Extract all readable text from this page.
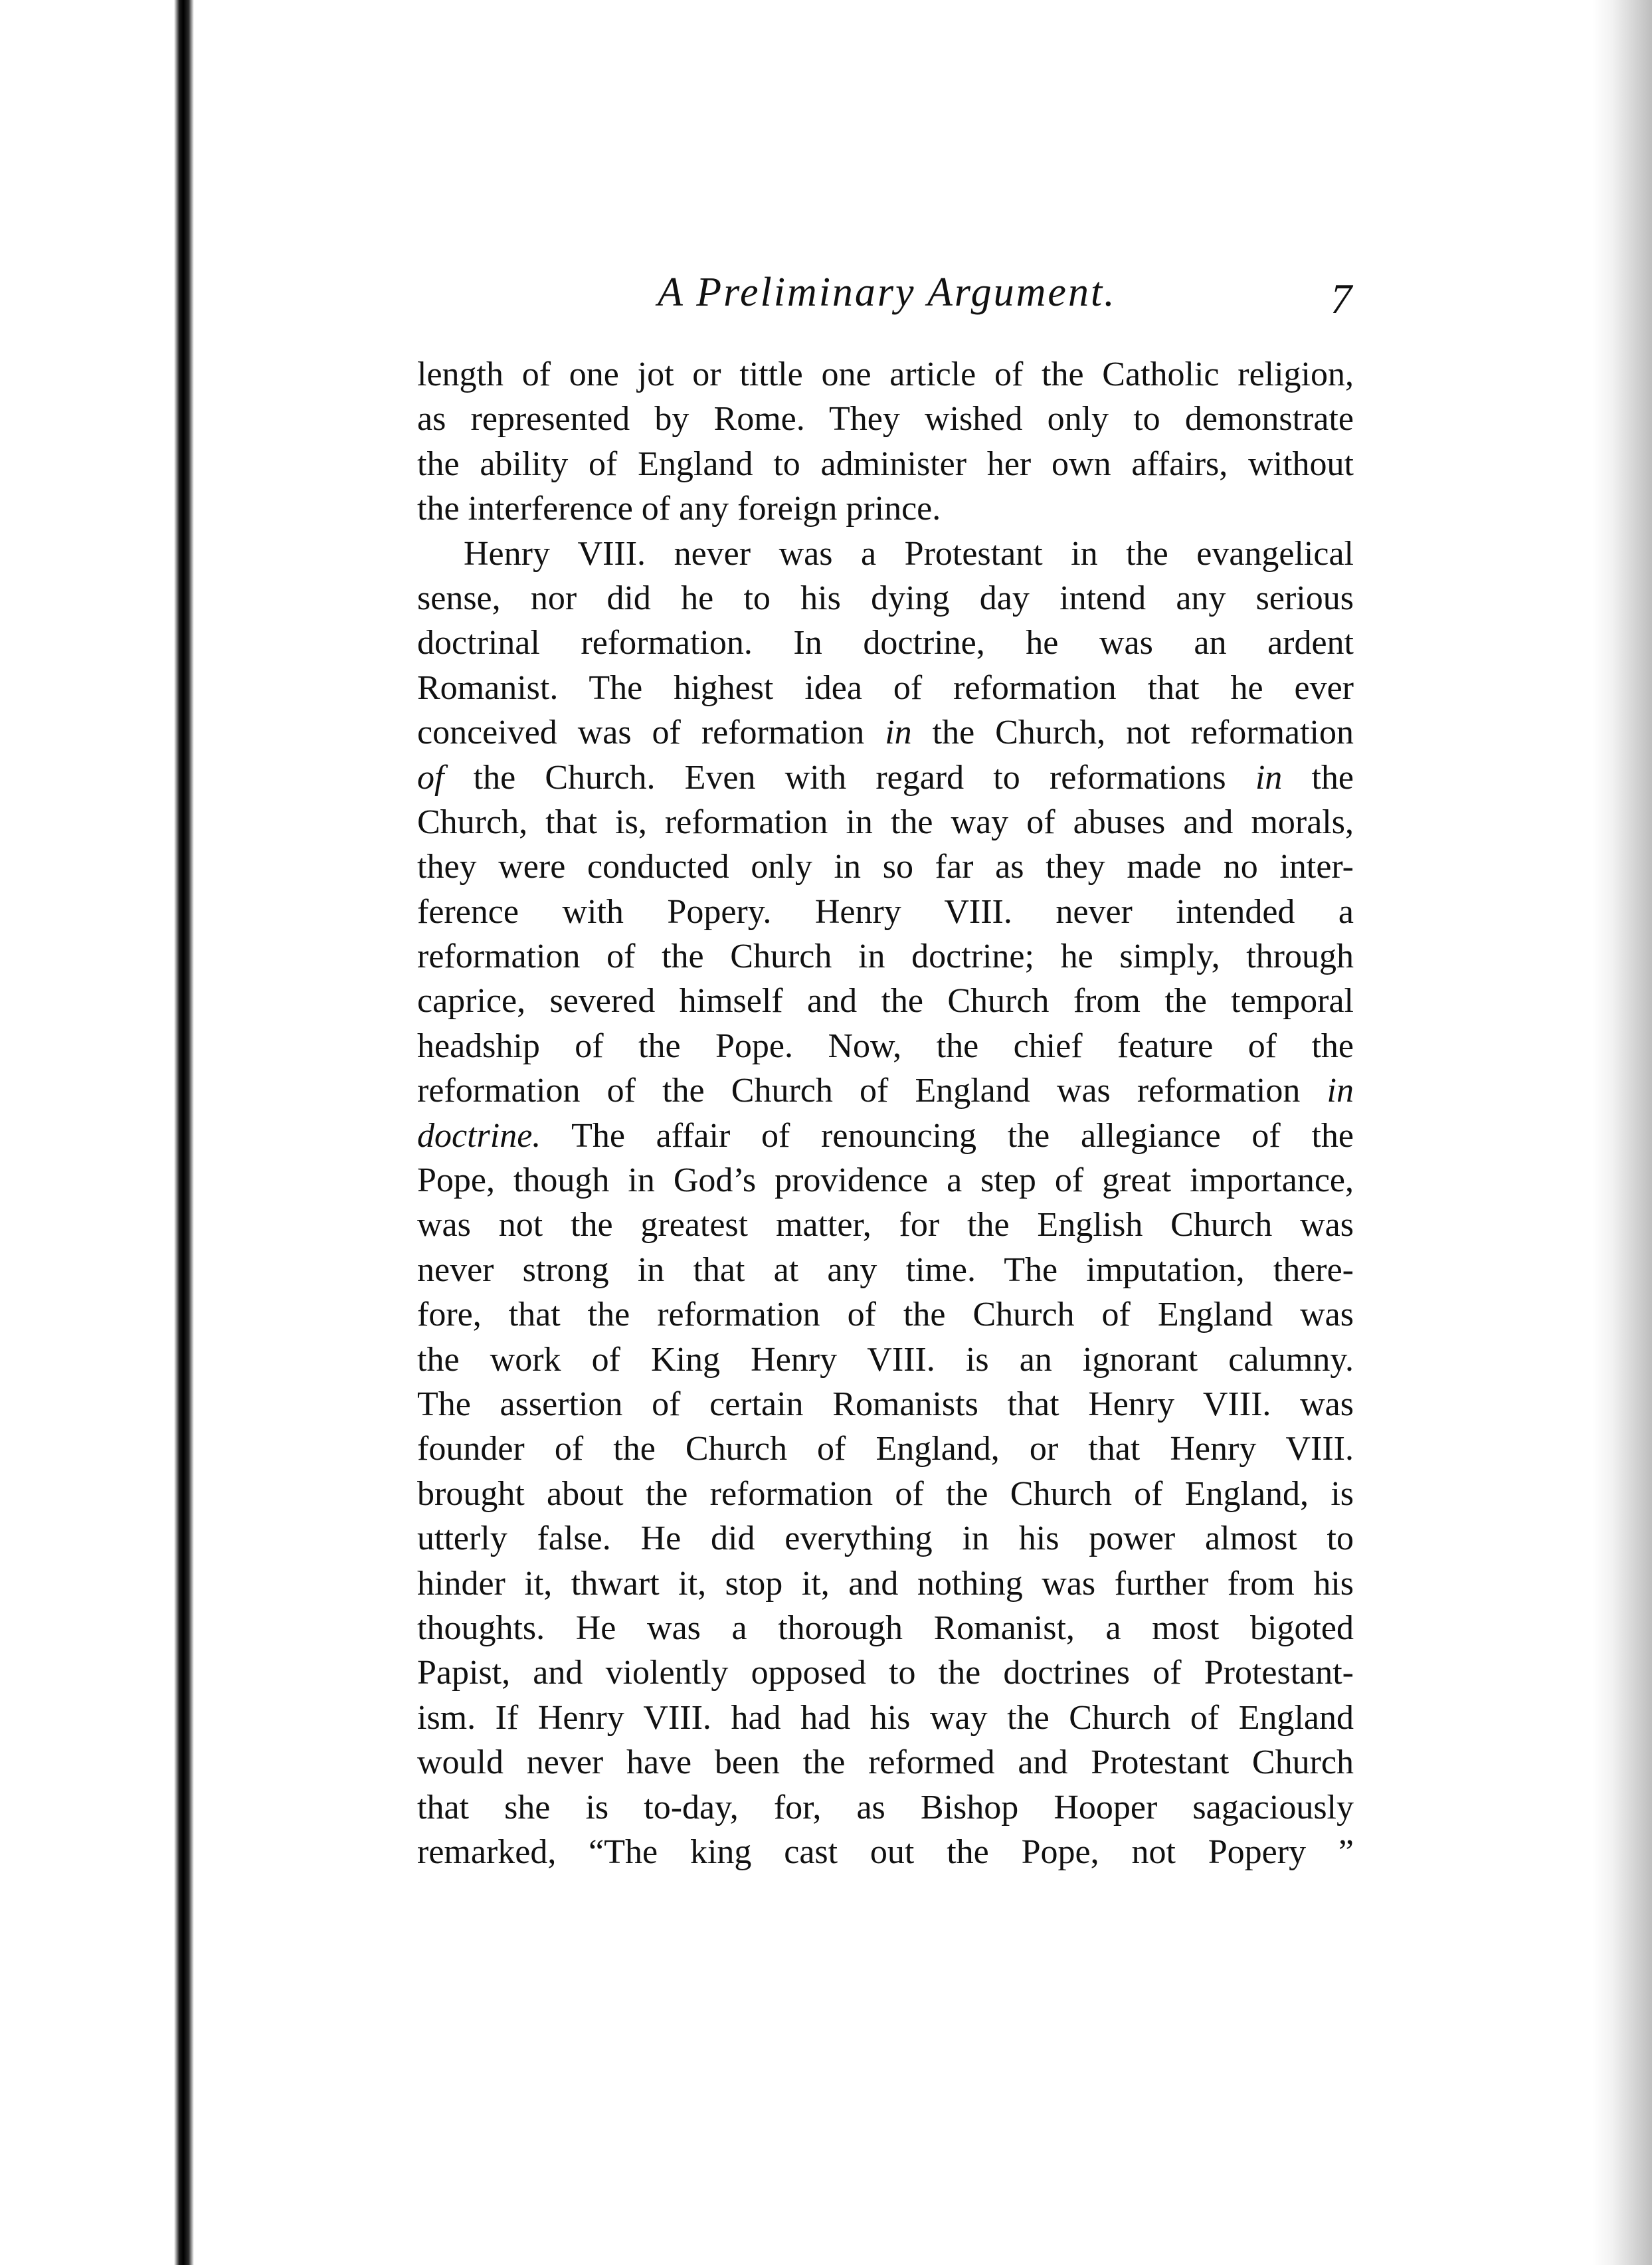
A Preliminary Argument.	7
length of one jot or tittle one article of the Catholic religion,
as represented by Rome. They wished only to demonstrate
the ability of England to administer her own affairs, without
the interference of any foreign prince.
Henry VIII. never was a Protestant in the evangelical
sense, nor did he to his dying day intend any serious
doctrinal reformation. In doctrine, he was an ardent
Romanist. The highest idea of reformation that he ever
conceived was of reformation in the Church, not reformation
of the Church. Even with regard to reformations in the
Church, that is, reformation in the way of abuses and morals,
they were conducted only in so far as they made no inter-
ference with Popery. Henry VIII. never intended a
reformation of the Church in doctrine; he simply, through
caprice, severed himself and the Church from the temporal
headship of the Pope. Now, the chief feature of the
reformation of the Church of England was reformation in
doctrine. The affair of renouncing the allegiance of the
Pope, though in God’s providence a step of great importance,
was not the greatest matter, for the English Church was
never strong in that at any time. The imputation, there-
fore, that the reformation of the Church of England was
the work of King Henry VIII. is an ignorant calumny.
The assertion of certain Romanists that Henry VIII. was
founder of the Church of England, or that Henry VIII.
brought about the reformation of the Church of England, is
utterly false. He did everything in his power almost to
hinder it, thwart it, stop it, and nothing was further from his
thoughts. He was a thorough Romanist, a most bigoted
Papist, and violently opposed to the doctrines of Protestant-
ism. If Henry VIII. had had his way the Church of England
would never have been the reformed and Protestant Church
that she is to-day, for, as Bishop Hooper sagaciously
remarked, “The king cast out the Pope, not Popery ”
